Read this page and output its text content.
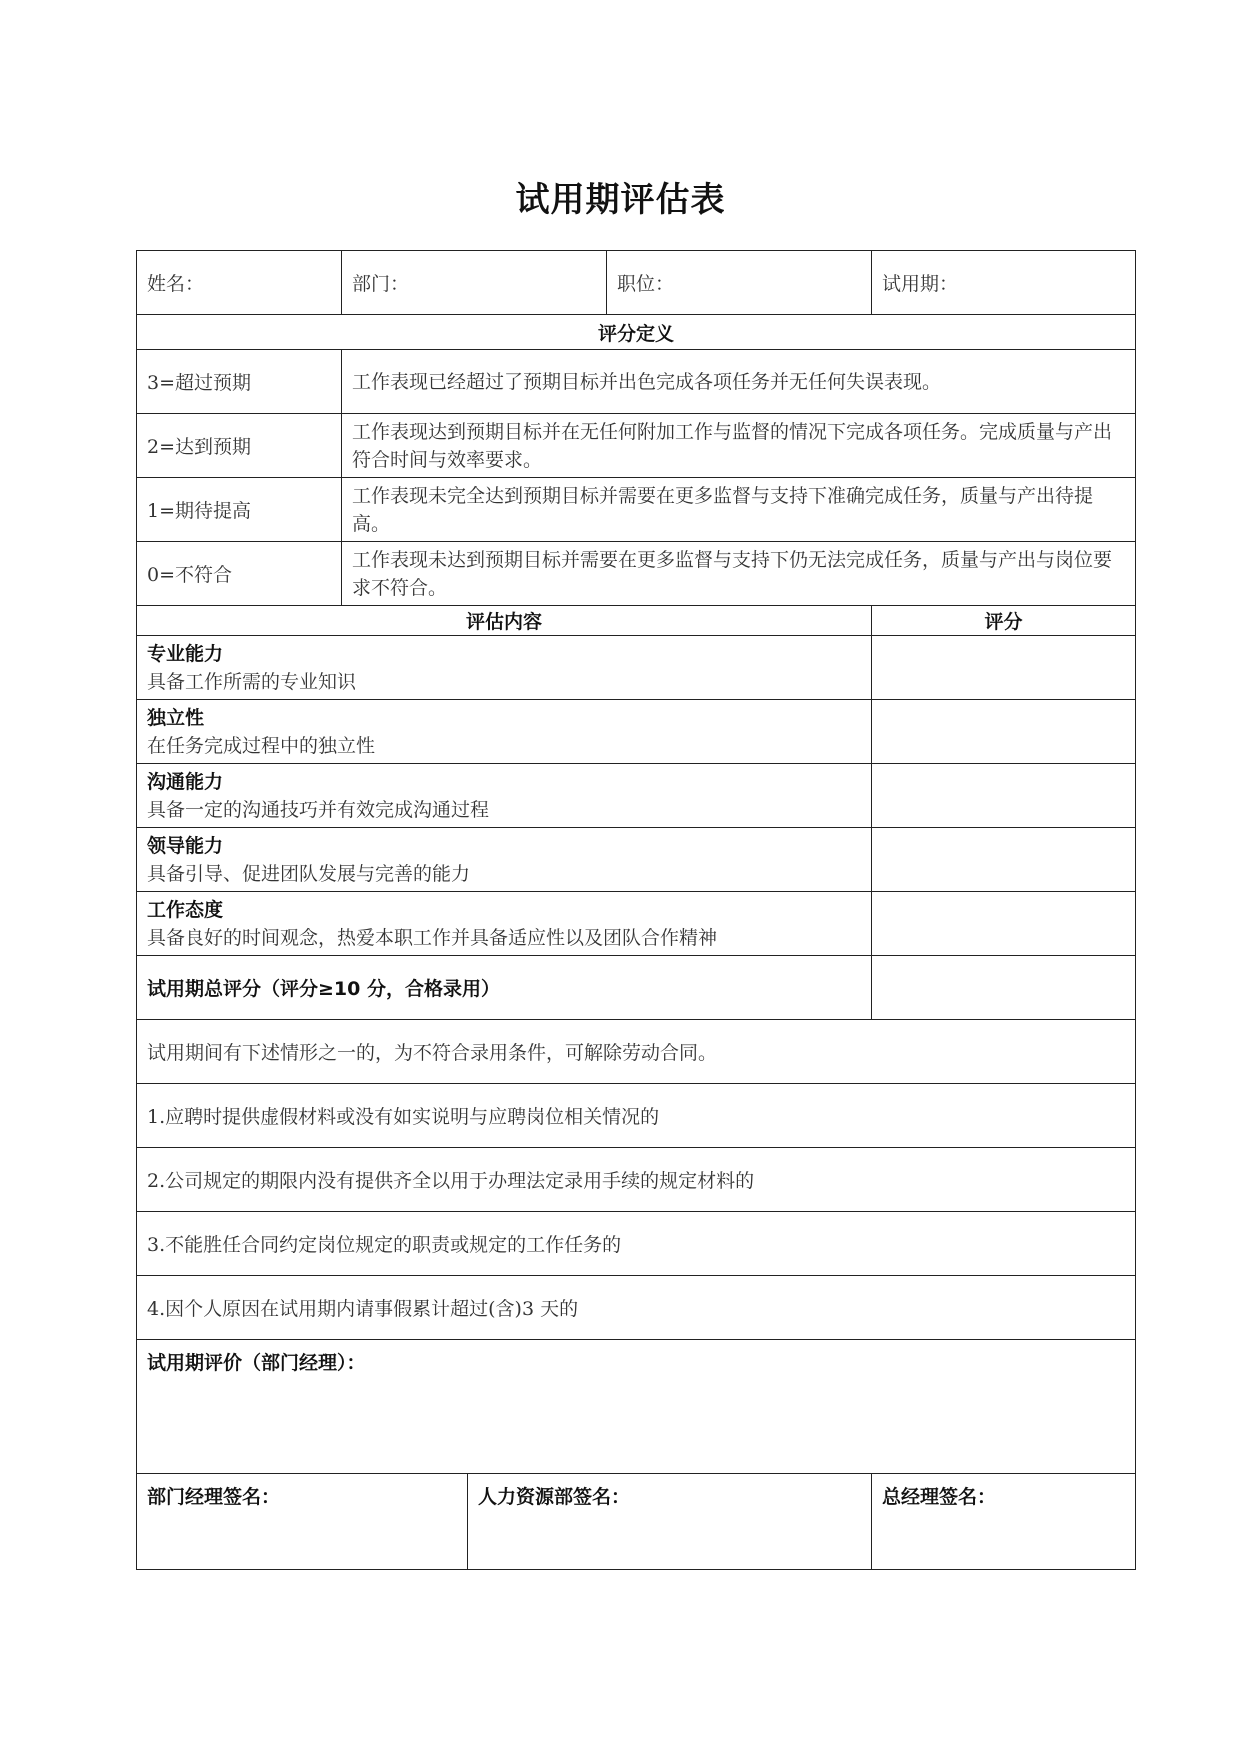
试用期评估表
姓名：	部门：		职位：	试用期：
评分定义				
3=超过预期	工作表现已经超过了预期目标并出色完成各项任务并无任何失误表现。			
2=达到预期	工作表现达到预期目标并在无任何附加工作与监督的情况下完成各项任务。完成质量与产出符合时间与效率要求。			
1=期待提高	工作表现未完全达到预期目标并需要在更多监督与支持下准确完成任务，质量与产出待提高。			
0=不符合	工作表现未达到预期目标并需要在更多监督与支持下仍无法完成任务，质量与产出与岗位要求不符合。			
评估内容				评分

专业能力
具备工作所需的专业知识				

独立性
在任务完成过程中的独立性				

沟通能力
具备一定的沟通技巧并有效完成沟通过程				

领导能力
具备引导、促进团队发展与完善的能力				

工作态度
具备良好的时间观念，热爱本职工作并具备适应性以及团队合作精神				

试用期总评分（评分≥10 分，合格录用）				
试用期间有下述情形之一的，为不符合录用条件，可解除劳动合同。				
1.应聘时提供虚假材料或没有如实说明与应聘岗位相关情况的				
2.公司规定的期限内没有提供齐全以用于办理法定录用手续的规定材料的				
3.不能胜任合同约定岗位规定的职责或规定的工作任务的				
4.因个人原因在试用期内请事假累计超过(含)3 天的				
试用期评价（部门经理）：				
部门经理签名：		人力资源部签名：		总经理签名：
